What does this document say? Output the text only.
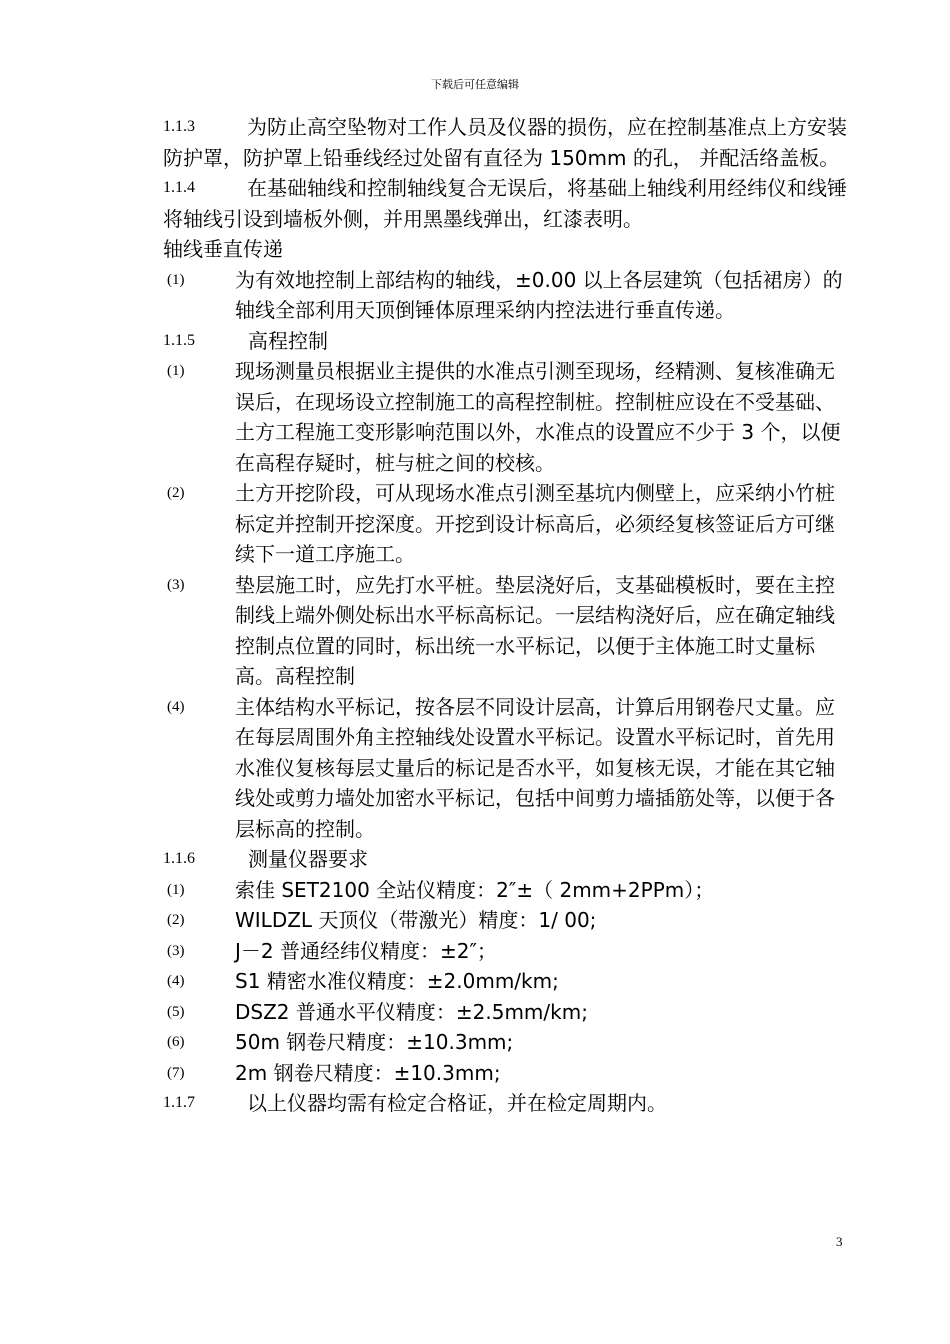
下载后可任意编辑
1.1.3	为防止高空坠物对工作人员及仪器的损伤，应在控制基准点上方安装防护罩，防护罩上铅垂线经过处留有直径为 150mm 的孔， 并配活络盖板。
1.1.4	在基础轴线和控制轴线复合无误后，将基础上轴线利用经纬仪和线锤将轴线引设到墙板外侧，并用黑墨线弹出，红漆表明。
轴线垂直传递
(1)	为有效地控制上部结构的轴线，±0.00 以上各层建筑（包括裙房）的轴线全部利用天顶倒锤体原理采纳内控法进行垂直传递。
1.1.5	高程控制
(1)	现场测量员根据业主提供的水准点引测至现场，经精测、复核准确无误后，在现场设立控制施工的高程控制桩。控制桩应设在不受基础、 土方工程施工变形影响范围以外，水准点的设置应不少于 3 个，以便在高程存疑时，桩与桩之间的校核。
(2)	土方开挖阶段，可从现场水准点引测至基坑内侧壁上，应采纳小竹桩标定并控制开挖深度。开挖到设计标高后，必须经复核签证后方可继续下一道工序施工。
(3)	垫层施工时，应先打水平桩。垫层浇好后，支基础模板时，要在主控制线上端外侧处标出水平标高标记。一层结构浇好后，应在确定轴线控制点位置的同时，标出统一水平标记，以便于主体施工时丈量标高。高程控制
(4)	主体结构水平标记，按各层不同设计层高，计算后用钢卷尺丈量。应在每层周围外角主控轴线处设置水平标记。设置水平标记时，首先用水准仪复核每层丈量后的标记是否水平，如复核无误，才能在其它轴线处或剪力墙处加密水平标记，包括中间剪力墙插筋处等，以便于各层标高的控制。
1.1.6	测量仪器要求
(1)	索佳 SET2100 全站仪精度：2″±（ 2mm+2PPm）；
(2)	WILDZL 天顶仪（带激光）精度：1/ 00;
(3)	J－2 普通经纬仪精度：±2″；
(4)	S1 精密水准仪精度：±2.0mm/km;
(5)	DSZ2 普通水平仪精度：±2.5mm/km;
(6)	50m 钢卷尺精度：±10.3mm;
(7)	2m 钢卷尺精度：±10.3mm;
1.1.7	以上仪器均需有检定合格证，并在检定周期内。
3
